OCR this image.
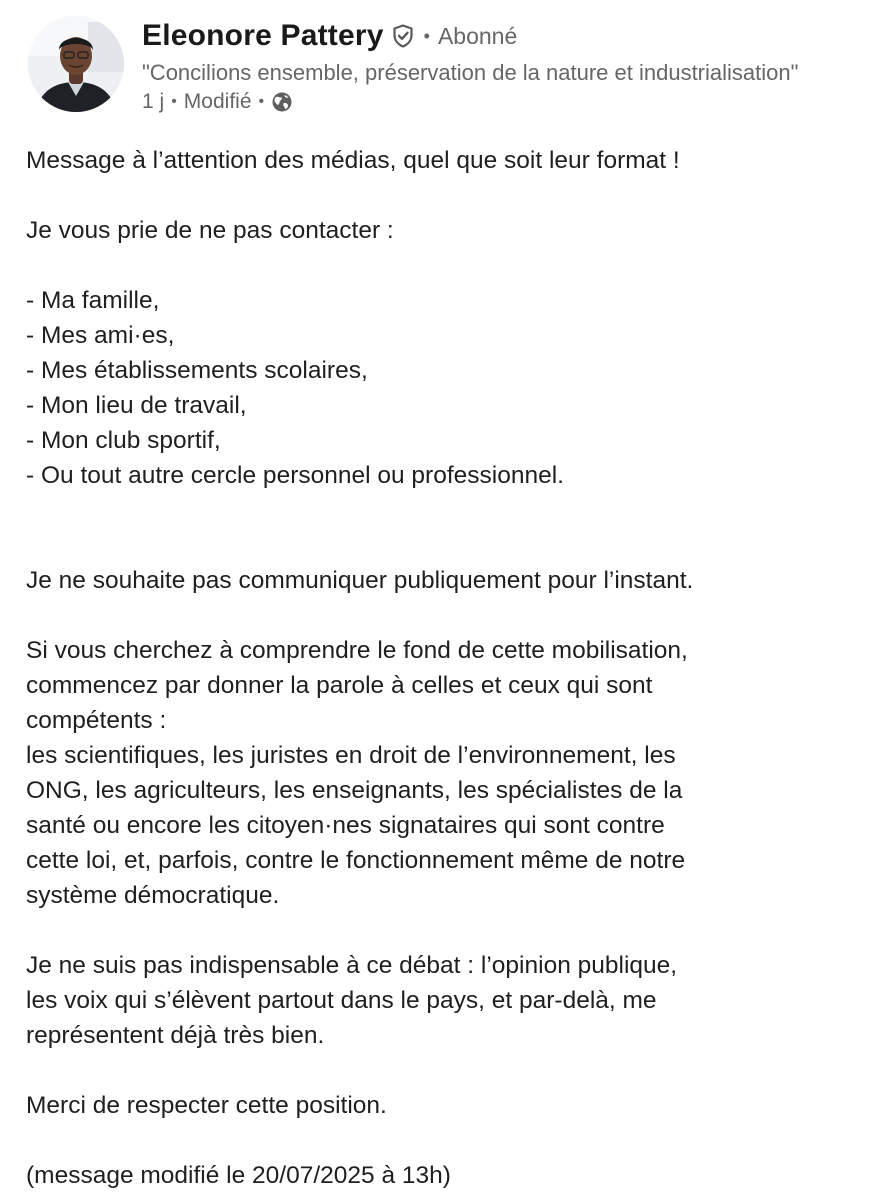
Eleonore Pattery • Abonné
"Concilions ensemble, préservation de la nature et industrialisation"
1 j • Modifié •
Message à l’attention des médias, quel que soit leur format !
Je vous prie de ne pas contacter :
- Ma famille,
- Mes ami·es,
- Mes établissements scolaires,
- Mon lieu de travail,
- Mon club sportif,
- Ou tout autre cercle personnel ou professionnel.
Je ne souhaite pas communiquer publiquement pour l’instant.
Si vous cherchez à comprendre le fond de cette mobilisation,
commencez par donner la parole à celles et ceux qui sont
compétents :
les scientifiques, les juristes en droit de l’environnement, les
ONG, les agriculteurs, les enseignants, les spécialistes de la
santé ou encore les citoyen·nes signataires qui sont contre
cette loi, et, parfois, contre le fonctionnement même de notre
système démocratique.
Je ne suis pas indispensable à ce débat : l’opinion publique,
les voix qui s’élèvent partout dans le pays, et par-delà, me
représentent déjà très bien.
Merci de respecter cette position.
(message modifié le 20/07/2025 à 13h)
